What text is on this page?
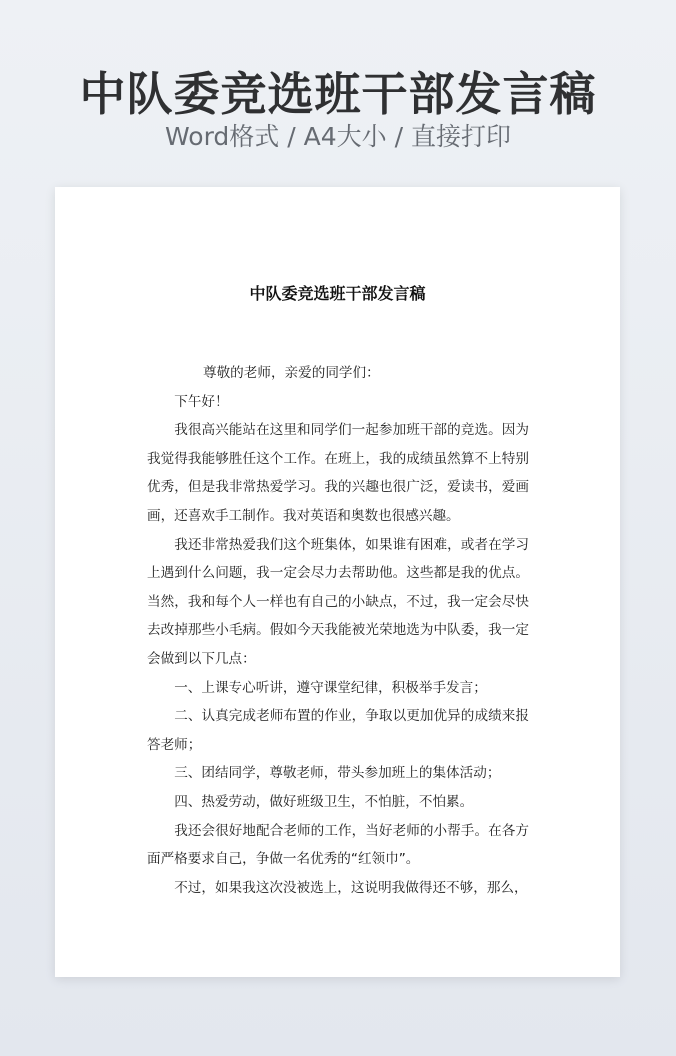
中队委竞选班干部发言稿
Word格式 / A4大小 / 直接打印
中队委竞选班干部发言稿

尊敬的老师，亲爱的同学们：

下午好！

我很高兴能站在这里和同学们一起参加班干部的竞选。因为我觉得我能够胜任这个工作。在班上，我的成绩虽然算不上特别优秀，但是我非常热爱学习。我的兴趣也很广泛，爱读书，爱画画，还喜欢手工制作。我对英语和奥数也很感兴趣。

我还非常热爱我们这个班集体，如果谁有困难，或者在学习上遇到什么问题，我一定会尽力去帮助他。这些都是我的优点。当然，我和每个人一样也有自己的小缺点，不过，我一定会尽快去改掉那些小毛病。假如今天我能被光荣地选为中队委，我一定会做到以下几点：

一、上课专心听讲，遵守课堂纪律，积极举手发言；

二、认真完成老师布置的作业，争取以更加优异的成绩来报答老师；

三、团结同学，尊敬老师，带头参加班上的集体活动；

四、热爱劳动，做好班级卫生，不怕脏，不怕累。

我还会很好地配合老师的工作，当好老师的小帮手。在各方面严格要求自己，争做一名优秀的“红领巾”。

不过，如果我这次没被选上，这说明我做得还不够，那么，
